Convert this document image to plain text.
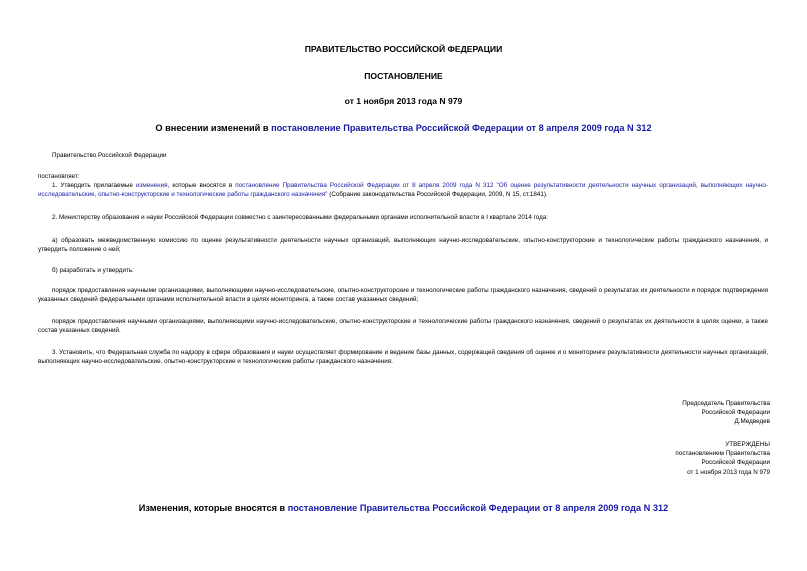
ПРАВИТЕЛЬСТВО РОССИЙСКОЙ ФЕДЕРАЦИИ
ПОСТАНОВЛЕНИЕ
от 1 ноября 2013 года N 979
О внесении изменений в постановление Правительства Российской Федерации от 8 апреля 2009 года N 312

Правительство Российской Федерации

постановляет:

1. Утвердить прилагаемые изменения, которые вносятся в постановление Правительства Российской Федерации от 8 апреля 2009 года N 312 "Об оценке результативности деятельности научных организаций, выполняющих научно-исследовательские, опытно-конструкторские и технологические работы гражданского назначения" (Собрание законодательства Российской Федерации, 2009, N 15, ст.1841).

2. Министерству образования и науки Российской Федерации совместно с заинтересованными федеральными органами исполнительной власти в I квартале 2014 года:

а) образовать межведомственную комиссию по оценке результативности деятельности научных организаций, выполняющих научно-исследовательские, опытно-конструкторские и технологические работы гражданского назначения, и утвердить положение о ней;

б) разработать и утвердить:

порядок предоставления научными организациями, выполняющими научно-исследовательские, опытно-конструкторские и технологические работы гражданского назначения, сведений о результатах их деятельности и порядок подтверждения указанных сведений федеральными органами исполнительной власти в целях мониторинга, а также состав указанных сведений;

порядок предоставления научными организациями, выполняющими научно-исследовательские, опытно-конструкторские и технологические работы гражданского назначения, сведений о результатах их деятельности в целях оценки, а также состав указанных сведений.

3. Установить, что Федеральная служба по надзору в сфере образования и науки осуществляет формирование и ведение базы данных, содержащей сведения об оценке и о мониторинге результативности деятельности научных организаций, выполняющих научно-исследовательские, опытно-конструкторские и технологические работы гражданского назначения.

Председатель Правительства
Российской Федерации
Д.Медведев
УТВЕРЖДЕНЫ
постановлением Правительства
Российской Федерации
от 1 ноября 2013 года N 979
Изменения, которые вносятся в постановление Правительства Российской Федерации от 8 апреля 2009 года N 312
